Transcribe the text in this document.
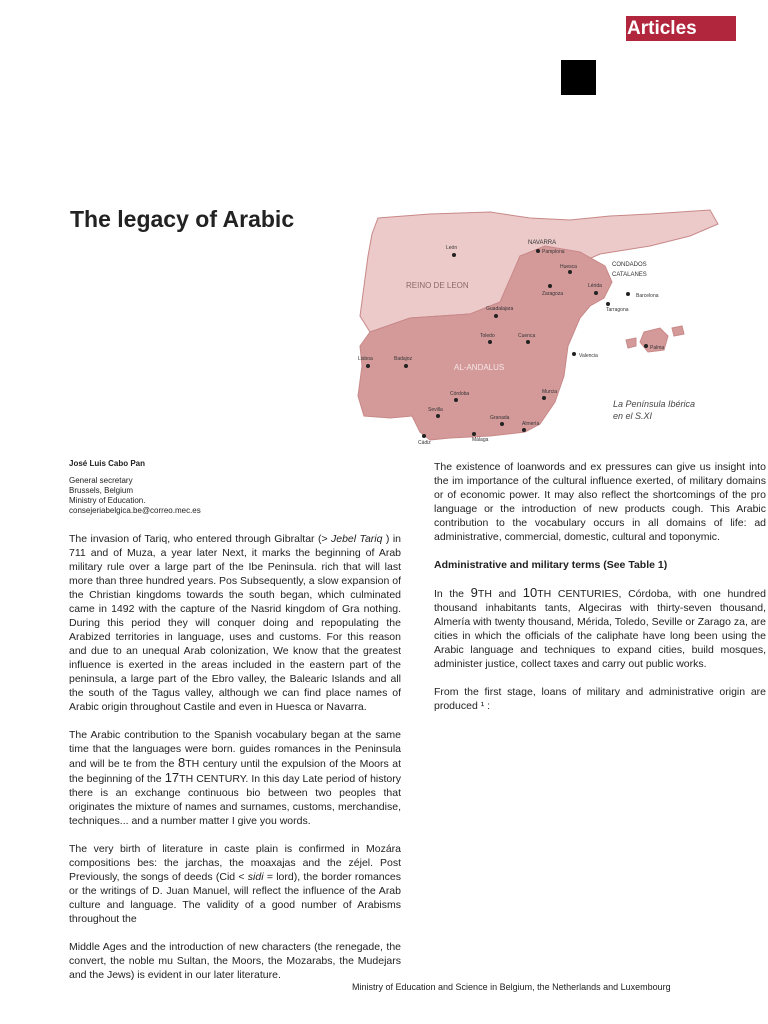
Articles
The legacy of Arabic
REINO DE LEON
AL-ANDALUS
NAVARRA
CONDADOS
CATALANES
León
Pamplona
Huesca
Lérida
Zaragoza	Barcelona
Tarragona
Guadalajara
Toledo	Cuenca
Valencia
Palma
Lisboa	Badajoz
Córdoba	Murcia
Sevilla
Granada
Almería
Cádiz	Málaga
La Península Ibérica
en el S.XI
José Luis Cabo Pan
General secretary
Brussels, Belgium
Ministry of Education.
consejeriabelgica.be@correo.mec.es

The invasion of Tariq, who entered through Gibraltar (> Jebel Tariq ) in 711 and of Muza, a year later Next, it marks the beginning of Arab military rule over a large part of the Ibe Peninsula. rich that will last more than three hundred years. Pos Subsequently, a slow expansion of the Christian kingdoms towards the south began, which culminated came in 1492 with the capture of the Nasrid kingdom of Gra nothing. During this period they will conquer doing and repopulating the Arabized territories in language, uses and customs. For this reason and due to an unequal Arab colonization, We know that the greatest influence is exerted in the areas included in the eastern part of the peninsula, a large part of the Ebro valley, the Balearic Islands and all the south of the Tagus valley, although we can find place names of Arabic origin throughout Castile and even in Huesca or Navarra.

The Arabic contribution to the Spanish vocabulary began at the same time that the languages were born. guides romances in the Peninsula and will be te from the 8TH century until the expulsion of the Moors at the beginning of the 17TH CENTURY. In this day Late period of history there is an exchange continuous bio between two peoples that originates the mixture of names and surnames, customs, merchandise, techniques... and a number matter I give you words.

The very birth of literature in caste plain is confirmed in Mozára compositions bes: the jarchas, the moaxajas and the zéjel. Post Previously, the songs of deeds (Cid < sidi = lord), the border romances or the writings of D. Juan Manuel, will reflect the influence of the Arab culture and language. The validity of a good number of Arabisms throughout the

Middle Ages and the introduction of new characters (the renegade, the convert, the noble mu Sultan, the Moors, the Mozarabs, the Mudejars and the Jews) is evident in our later literature.

The existence of loanwords and ex pressures can give us insight into the im importance of the cultural influence exerted, of military domains or of economic power. It may also reflect the shortcomings of the pro language or the introduction of new products cough. This Arabic contribution to the vocabulary occurs in all domains of life: ad administrative, commercial, domestic, cultural and toponymic.

Administrative and military terms (See Table 1)

In the 9TH and 10TH CENTURIES, Córdoba, with one hundred thousand inhabitants tants, Algeciras with thirty-seven thousand, Almería with twenty thousand, Mérida, Toledo, Seville or Zarago za, are cities in which the officials of the caliphate have long been using the Arabic language and techniques to expand cities, build mosques, administer justice, collect taxes and carry out public works.

From the first stage, loans of military and administrative origin are produced ¹ :

Ministry of Education and Science in Belgium, the Netherlands and Luxembourg
